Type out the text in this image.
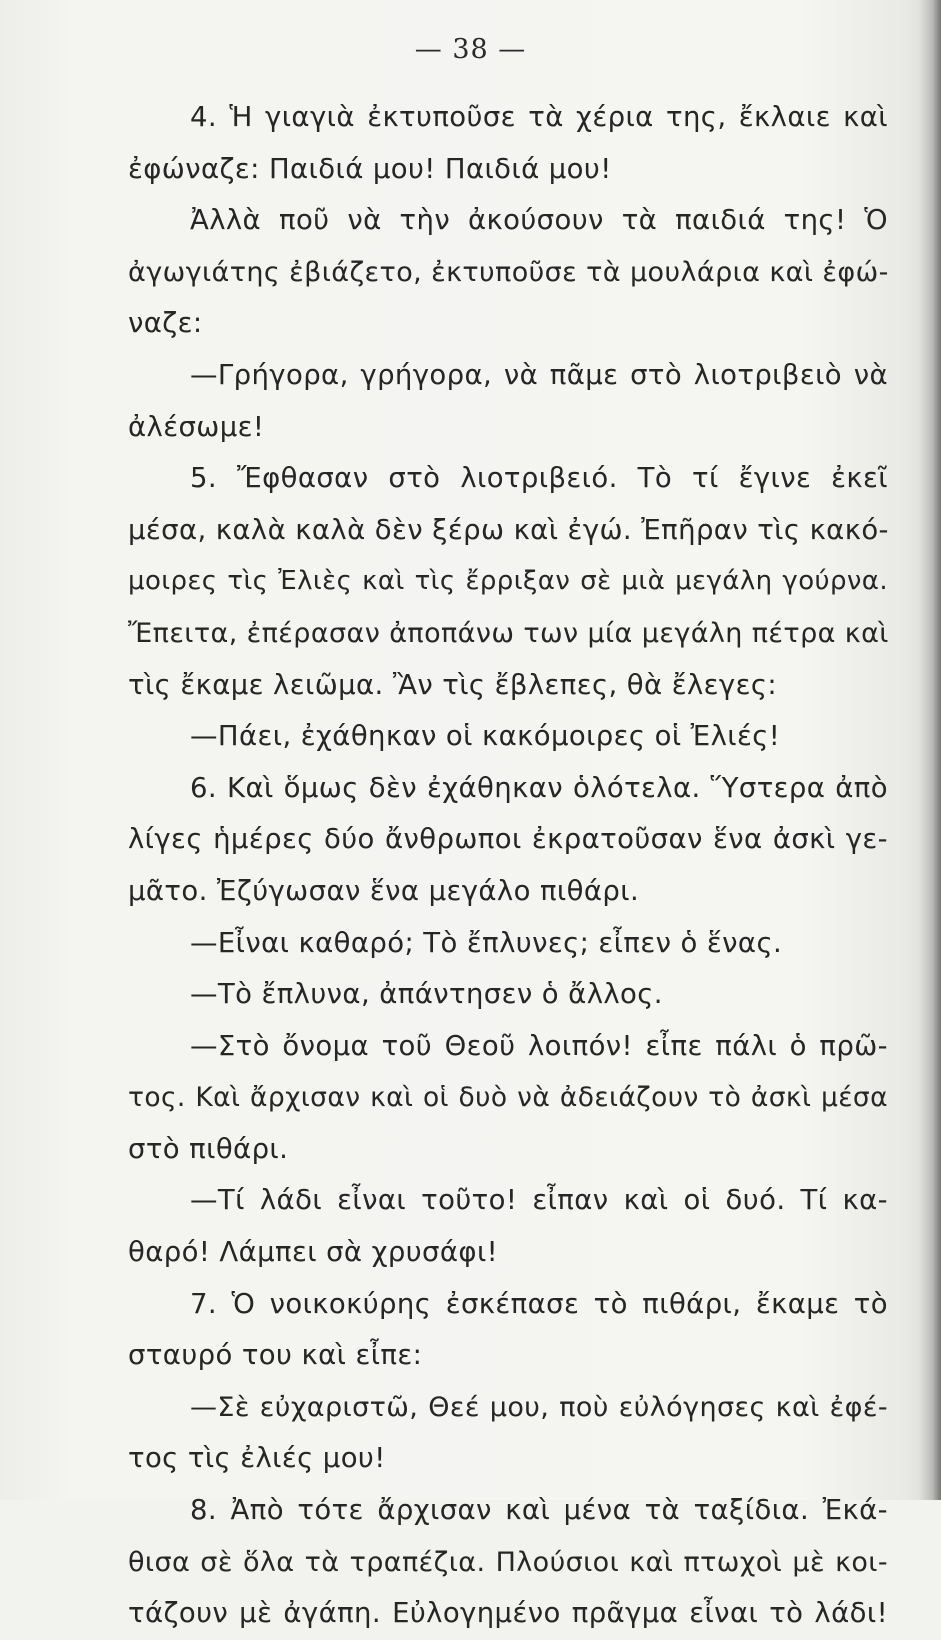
— 38 —
4. Ἡ γιαγιὰ ἐκτυποῦσε τὰ χέρια της, ἔκλαιε καὶ
ἐφώναζε: Παιδιά μου! Παιδιά μου!
Ἀλλὰ ποῦ νὰ τὴν ἀκούσουν τὰ παιδιά της! Ὁ
ἀγωγιάτης ἐβιάζετο, ἐκτυποῦσε τὰ μουλάρια καὶ ἐφώ-
ναζε:
—Γρήγορα, γρήγορα, νὰ πᾶμε στὸ λιοτριβειὸ νὰ
ἀλέσωμε!
5. Ἔφθασαν στὸ λιοτριβειό. Τὸ τί ἔγινε ἐκεῖ
μέσα, καλὰ καλὰ δὲν ξέρω καὶ ἐγώ. Ἐπῆραν τὶς κακό-
μοιρες τὶς Ἐλιὲς καὶ τὶς ἔρριξαν σὲ μιὰ μεγάλη γούρνα.
Ἔπειτα, ἐπέρασαν ἀποπάνω των μία μεγάλη πέτρα καὶ
τὶς ἔκαμε λειῶμα. Ἂν τὶς ἔβλεπες, θὰ ἔλεγες:
—Πάει, ἐχάθηκαν οἱ κακόμοιρες οἱ Ἐλιές!
6. Καὶ ὅμως δὲν ἐχάθηκαν ὁλότελα. Ὕστερα ἀπὸ
λίγες ἡμέρες δύο ἄνθρωποι ἐκρατοῦσαν ἕνα ἀσκὶ γε-
μᾶτο. Ἐζύγωσαν ἕνα μεγάλο πιθάρι.
—Εἶναι καθαρό; Τὸ ἔπλυνες; εἶπεν ὁ ἕνας.
—Τὸ ἔπλυνα, ἀπάντησεν ὁ ἄλλος.
—Στὸ ὄνομα τοῦ Θεοῦ λοιπόν! εἶπε πάλι ὁ πρῶ-
τος. Καὶ ἄρχισαν καὶ οἱ δυὸ νὰ ἀδειάζουν τὸ ἀσκὶ μέσα
στὸ πιθάρι.
—Τί λάδι εἶναι τοῦτο! εἶπαν καὶ οἱ δυό. Τί κα-
θαρό! Λάμπει σὰ χρυσάφι!
7. Ὁ νοικοκύρης ἐσκέπασε τὸ πιθάρι, ἔκαμε τὸ
σταυρό του καὶ εἶπε:
—Σὲ εὐχαριστῶ, Θεέ μου, ποὺ εὐλόγησες καὶ ἐφέ-
τος τὶς ἐλιές μου!
8. Ἀπὸ τότε ἄρχισαν καὶ μένα τὰ ταξίδια. Ἐκά-
θισα σὲ ὅλα τὰ τραπέζια. Πλούσιοι καὶ πτωχοὶ μὲ κοι-
τάζουν μὲ ἀγάπη. Εὐλογημένο πρᾶγμα εἶναι τὸ λάδι!
